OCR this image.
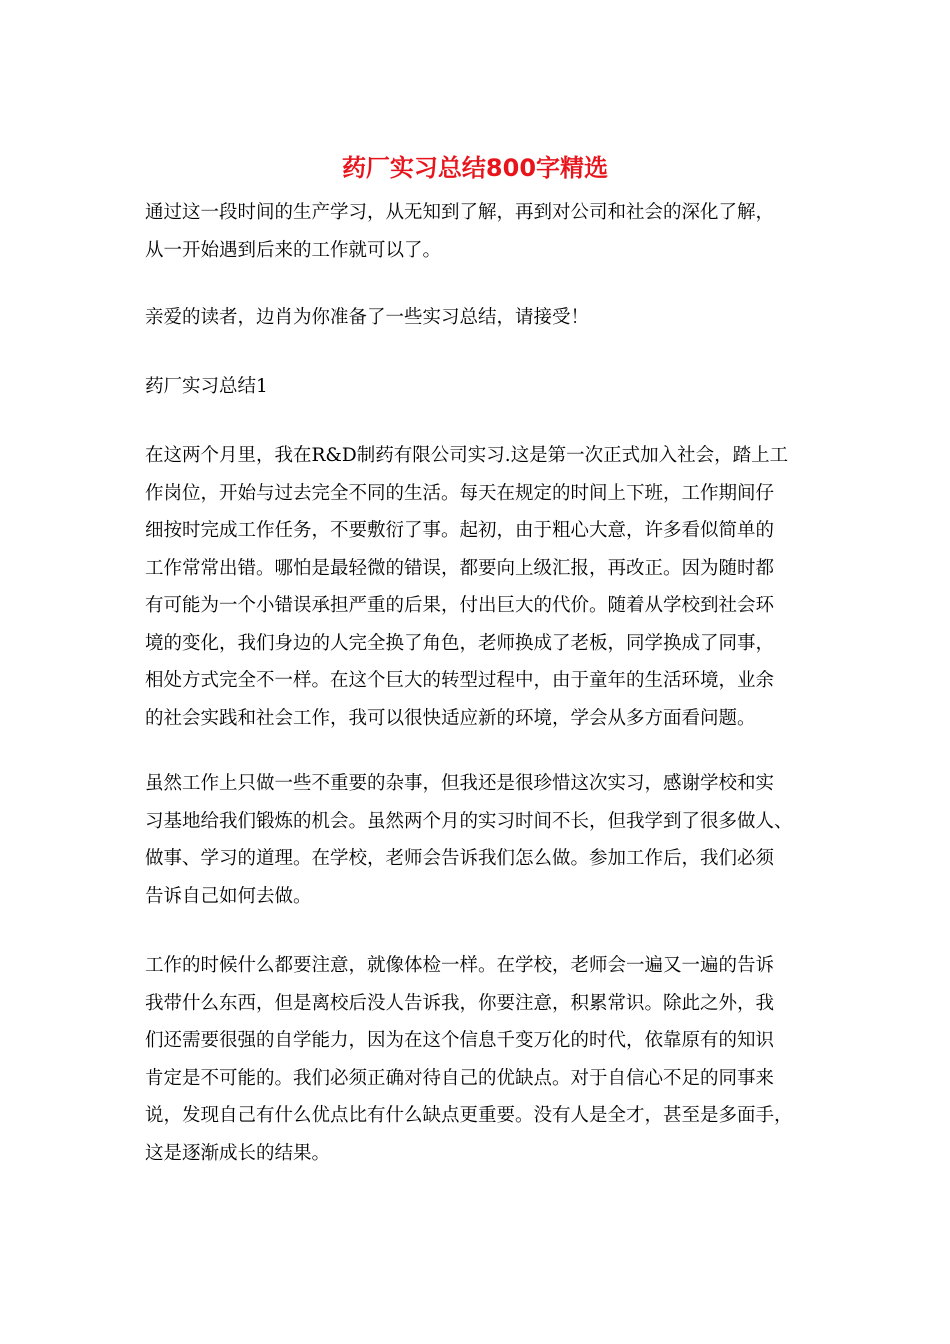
药厂实习总结800字精选

通过这一段时间的生产学习，从无知到了解，再到对公司和社会的深化了解，
从一开始遇到后来的工作就可以了。

亲爱的读者，边肖为你准备了一些实习总结，请接受！

药厂实习总结1

在这两个月里，我在R&D制药有限公司实习.这是第一次正式加入社会，踏上工
作岗位，开始与过去完全不同的生活。每天在规定的时间上下班，工作期间仔
细按时完成工作任务，不要敷衍了事。起初，由于粗心大意，许多看似简单的
工作常常出错。哪怕是最轻微的错误，都要向上级汇报，再改正。因为随时都
有可能为一个小错误承担严重的后果，付出巨大的代价。随着从学校到社会环
境的变化，我们身边的人完全换了角色，老师换成了老板，同学换成了同事，
相处方式完全不一样。在这个巨大的转型过程中，由于童年的生活环境，业余
的社会实践和社会工作，我可以很快适应新的环境，学会从多方面看问题。

虽然工作上只做一些不重要的杂事，但我还是很珍惜这次实习，感谢学校和实
习基地给我们锻炼的机会。虽然两个月的实习时间不长，但我学到了很多做人、
做事、学习的道理。在学校，老师会告诉我们怎么做。参加工作后，我们必须
告诉自己如何去做。

工作的时候什么都要注意，就像体检一样。在学校，老师会一遍又一遍的告诉
我带什么东西，但是离校后没人告诉我，你要注意，积累常识。除此之外，我
们还需要很强的自学能力，因为在这个信息千变万化的时代，依靠原有的知识
肯定是不可能的。我们必须正确对待自己的优缺点。对于自信心不足的同事来
说，发现自己有什么优点比有什么缺点更重要。没有人是全才，甚至是多面手，
这是逐渐成长的结果。
